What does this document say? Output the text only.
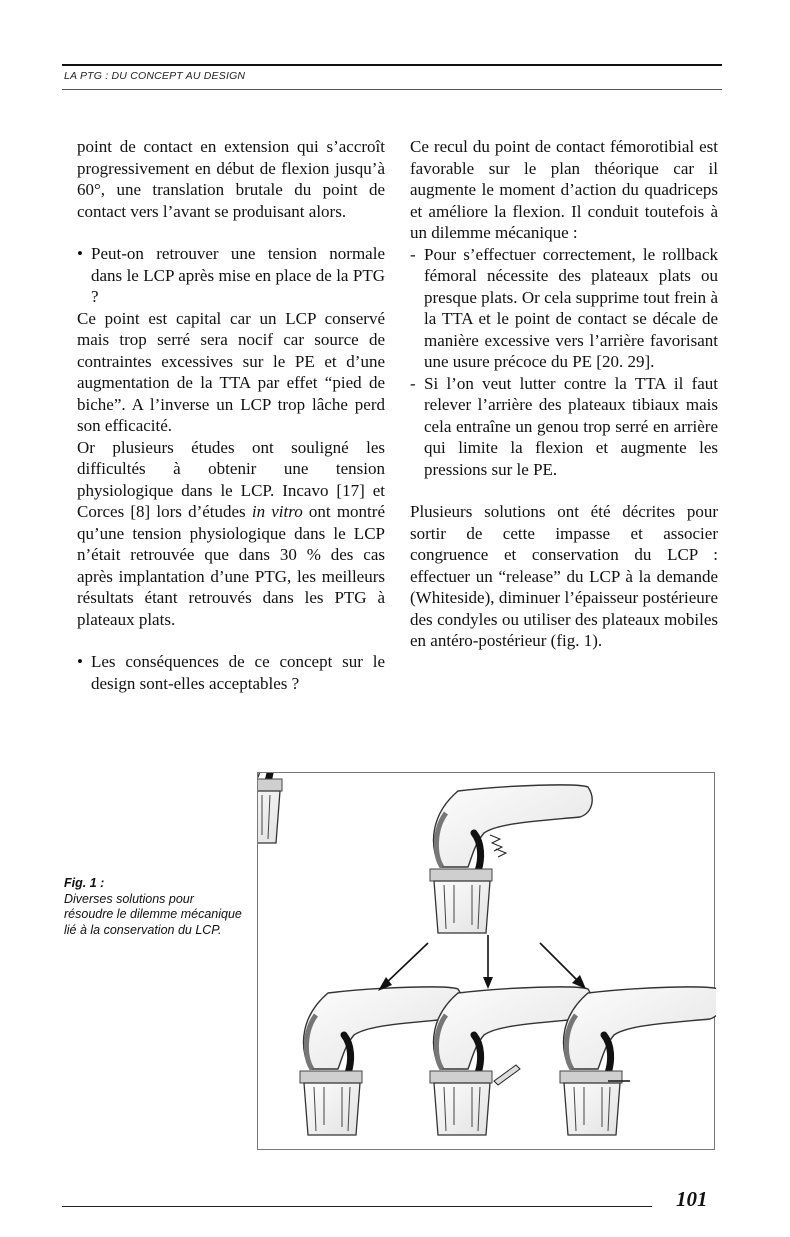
LA PTG : DU CONCEPT AU DESIGN

point de contact en extension qui s’accroît progressivement en début de flexion jusqu’à 60°, une translation brutale du point de contact vers l’avant se produisant alors.

• Peut-on retrouver une tension normale dans le LCP après mise en place de la PTG ?

Ce point est capital car un LCP conservé mais trop serré sera nocif car source de contraintes excessives sur le PE et d’une augmentation de la TTA par effet “pied de biche”. A l’inverse un LCP trop lâche perd son efficacité.

Or plusieurs études ont souligné les difficultés à obtenir une tension physiologique dans le LCP. Incavo [17] et Corces [8] lors d’études in vitro ont montré qu’une tension physiologique dans le LCP n’était retrouvée que dans 30 % des cas après implantation d’une PTG, les meilleurs résultats étant retrouvés dans les PTG à plateaux plats.

• Les conséquences de ce concept sur le design sont-elles acceptables ?

Ce recul du point de contact fémorotibial est favorable sur le plan théorique car il augmente le moment d’action du quadriceps et améliore la flexion. Il conduit toutefois à un dilemme mécanique :

- Pour s’effectuer correctement, le rollback fémoral nécessite des plateaux plats ou presque plats. Or cela supprime tout frein à la TTA et le point de contact se décale de manière excessive vers l’arrière favorisant une usure précoce du PE [20. 29].

- Si l’on veut lutter contre la TTA il faut relever l’arrière des plateaux tibiaux mais cela entraîne un genou trop serré en arrière qui limite la flexion et augmente les pressions sur le PE.

Plusieurs solutions ont été décrites pour sortir de cette impasse et associer congruence et conservation du LCP : effectuer un “release” du LCP à la demande (Whiteside), diminuer l’épaisseur postérieure des condyles ou utiliser des plateaux mobiles en antéro-postérieur (fig. 1).

Fig. 1 :
Diverses solutions pour résoudre le dilemme mécanique lié à la conservation du LCP.
101
